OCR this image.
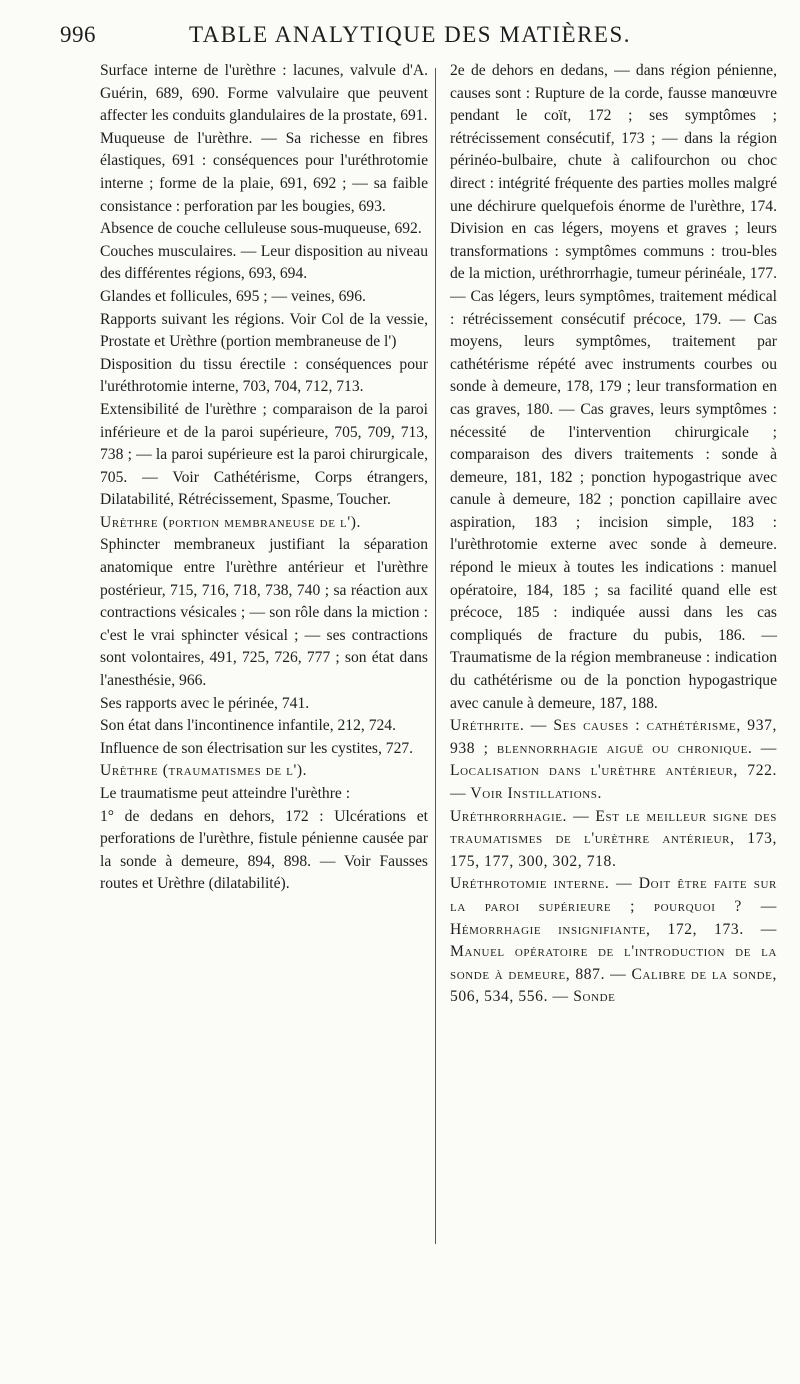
996	TABLE ANALYTIQUE DES MATIÈRES.

Surface interne de l'urèthre : lacunes, valvule d'A. Guérin, 689, 690. Forme valvulaire que peuvent affecter les conduits glandulaires de la prostate, 691.

Muqueuse de l'urèthre. — Sa richesse en fibres élastiques, 691 : conséquences pour l'uréthrotomie interne ; forme de la plaie, 691, 692 ; — sa faible consistance : perforation par les bougies, 693.

Absence de couche celluleuse sous-muqueuse, 692.

Couches musculaires. — Leur disposition au niveau des différentes régions, 693, 694.

Glandes et follicules, 695 ; — veines, 696.

Rapports suivant les régions. Voir Col de la vessie, Prostate et Urèthre (portion membraneuse de l')

Disposition du tissu érectile : conséquences pour l'uréthrotomie interne, 703, 704, 712, 713.

Extensibilité de l'urèthre ; comparaison de la paroi inférieure et de la paroi supérieure, 705, 709, 713, 738 ; — la paroi supérieure est la paroi chirurgicale, 705. — Voir Cathétérisme, Corps étrangers, Dilatabilité, Rétrécissement, Spasme, Toucher.

Urèthre (portion membraneuse de l').

Sphincter membraneux justifiant la séparation anatomique entre l'urèthre antérieur et l'urèthre postérieur, 715, 716, 718, 738, 740 ; sa réaction aux contractions vésicales ; — son rôle dans la miction : c'est le vrai sphincter vésical ; — ses contractions sont volontaires, 491, 725, 726, 777 ; son état dans l'anesthésie, 966.

Ses rapports avec le périnée, 741.

Son état dans l'incontinence infantile, 212, 724.

Influence de son électrisation sur les cystites, 727.

Urèthre (traumatismes de l').

Le traumatisme peut atteindre l'urèthre :

1° de dedans en dehors, 172 : Ulcérations et perforations de l'urèthre, fistule pénienne causée par la sonde à demeure, 894, 898. — Voir Fausses routes et Urèthre (dilatabilité).

2e de dehors en dedans, — dans région pénienne, causes sont : Rupture de la corde, fausse manœuvre pendant le coït, 172 ; ses symptômes ; rétrécissement consécutif, 173 ; — dans la région périnéo-bulbaire, chute à califourchon ou choc direct : intégrité fréquente des parties molles malgré une déchirure quelquefois énorme de l'urèthre, 174. Division en cas légers, moyens et graves ; leurs transformations : symptômes communs : trou-bles de la miction, uréthrorrhagie, tumeur périnéale, 177. — Cas légers, leurs symptômes, traitement médical : rétrécissement consécutif précoce, 179. — Cas moyens, leurs symptômes, traitement par cathétérisme répété avec instruments courbes ou sonde à demeure, 178, 179 ; leur transformation en cas graves, 180. — Cas graves, leurs symptômes : nécessité de l'intervention chirurgicale ; comparaison des divers traitements : sonde à demeure, 181, 182 ; ponction hypogastrique avec canule à demeure, 182 ; ponction capillaire avec aspiration, 183 ; incision simple, 183 : l'urèthrotomie externe avec sonde à demeure. répond le mieux à toutes les indications : manuel opératoire, 184, 185 ; sa facilité quand elle est précoce, 185 : indiquée aussi dans les cas compliqués de fracture du pubis, 186. — Traumatisme de la région membraneuse : indication du cathétérisme ou de la ponction hypogastrique avec canule à demeure, 187, 188.

Uréthrite. — Ses causes : cathétérisme, 937, 938 ; blennorrhagie aiguë ou chronique. — Localisation dans l'urèthre antérieur, 722. — Voir Instillations.

Uréthrorrhagie. — Est le meilleur signe des traumatismes de l'urèthre antérieur, 173, 175, 177, 300, 302, 718.

Uréthrotomie interne. — Doit être faite sur la paroi supérieure ; pourquoi ? — Hémorrhagie insignifiante, 172, 173. — Manuel opératoire de l'introduction de la sonde à demeure, 887. — Calibre de la sonde, 506, 534, 556. — Sonde
